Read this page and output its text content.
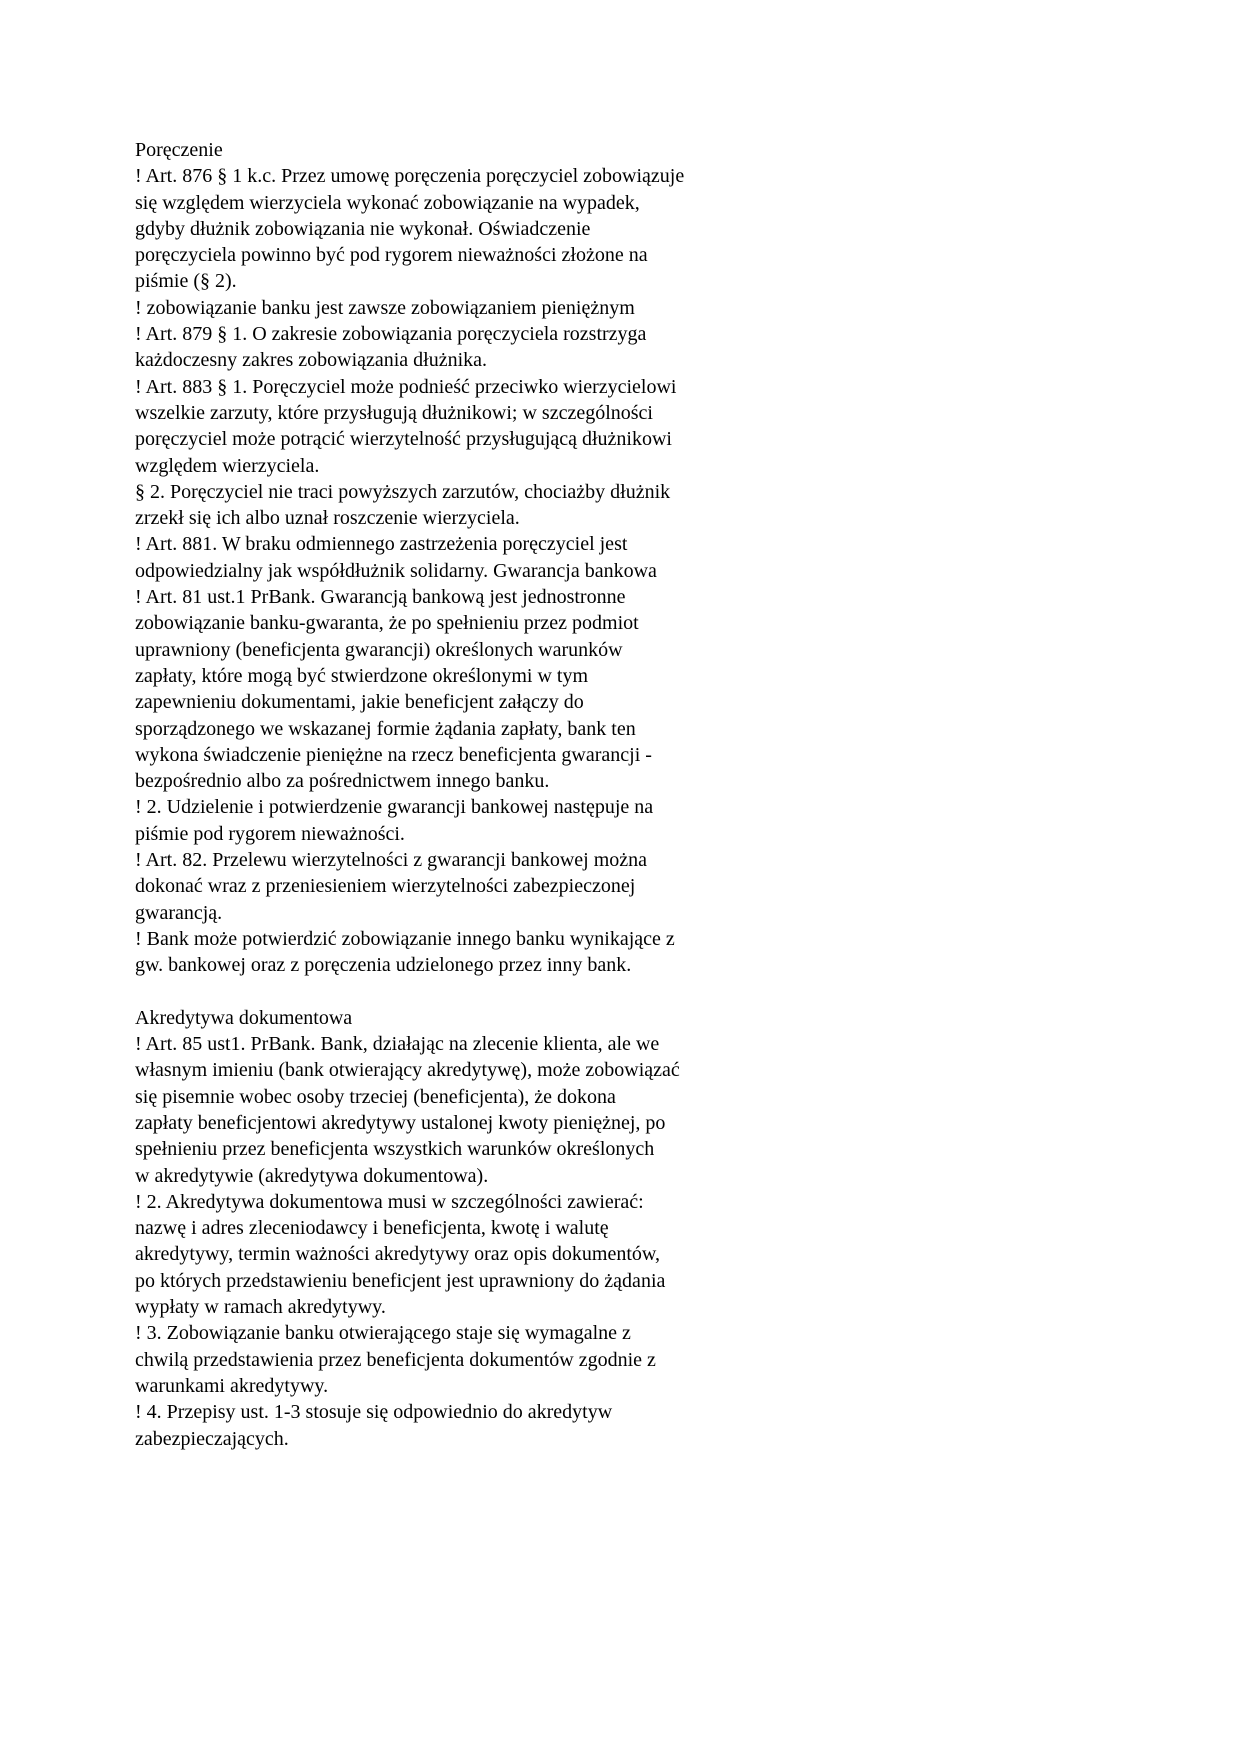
Poręczenie
! Art. 876 § 1 k.c. Przez umowę poręczenia poręczyciel zobowiązuje
się względem wierzyciela wykonać zobowiązanie na wypadek,
gdyby dłużnik zobowiązania nie wykonał. Oświadczenie
poręczyciela powinno być pod rygorem nieważności złożone na
piśmie (§ 2).
! zobowiązanie banku jest zawsze zobowiązaniem pieniężnym
! Art. 879 § 1. O zakresie zobowiązania poręczyciela rozstrzyga
każdoczesny zakres zobowiązania dłużnika.
! Art. 883 § 1. Poręczyciel może podnieść przeciwko wierzycielowi
wszelkie zarzuty, które przysługują dłużnikowi; w szczególności
poręczyciel może potrącić wierzytelność przysługującą dłużnikowi
względem wierzyciela.
§ 2. Poręczyciel nie traci powyższych zarzutów, chociażby dłużnik
zrzekł się ich albo uznał roszczenie wierzyciela.
! Art. 881. W braku odmiennego zastrzeżenia poręczyciel jest
odpowiedzialny jak współdłużnik solidarny. Gwarancja bankowa
! Art. 81 ust.1 PrBank. Gwarancją bankową jest jednostronne
zobowiązanie banku-gwaranta, że po spełnieniu przez podmiot
uprawniony (beneficjenta gwarancji) określonych warunków
zapłaty, które mogą być stwierdzone określonymi w tym
zapewnieniu dokumentami, jakie beneficjent załączy do
sporządzonego we wskazanej formie żądania zapłaty, bank ten
wykona świadczenie pieniężne na rzecz beneficjenta gwarancji -
bezpośrednio albo za pośrednictwem innego banku.
! 2. Udzielenie i potwierdzenie gwarancji bankowej następuje na
piśmie pod rygorem nieważności.
! Art. 82. Przelewu wierzytelności z gwarancji bankowej można
dokonać wraz z przeniesieniem wierzytelności zabezpieczonej
gwarancją.
! Bank może potwierdzić zobowiązanie innego banku wynikające z
gw. bankowej oraz z poręczenia udzielonego przez inny bank.
Akredytywa dokumentowa
! Art. 85 ust1. PrBank. Bank, działając na zlecenie klienta, ale we
własnym imieniu (bank otwierający akredytywę), może zobowiązać
się pisemnie wobec osoby trzeciej (beneficjenta), że dokona
zapłaty beneficjentowi akredytywy ustalonej kwoty pieniężnej, po
spełnieniu przez beneficjenta wszystkich warunków określonych
w akredytywie (akredytywa dokumentowa).
! 2. Akredytywa dokumentowa musi w szczególności zawierać:
nazwę i adres zleceniodawcy i beneficjenta, kwotę i walutę
akredytywy, termin ważności akredytywy oraz opis dokumentów,
po których przedstawieniu beneficjent jest uprawniony do żądania
wypłaty w ramach akredytywy.
! 3. Zobowiązanie banku otwierającego staje się wymagalne z
chwilą przedstawienia przez beneficjenta dokumentów zgodnie z
warunkami akredytywy.
! 4. Przepisy ust. 1-3 stosuje się odpowiednio do akredytyw
zabezpieczających.
